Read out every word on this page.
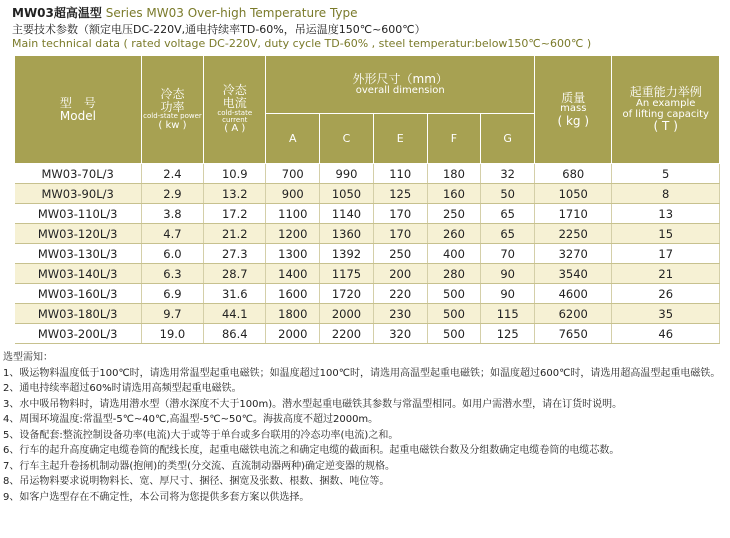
MW03超高温型 Series MW03 Over-high Temperature Type
主要技术参数（额定电压DC-220V,通电持续率TD-60%，吊运温度150℃~600℃）
Main technical data ( rated voltage DC-220V, duty cycle TD-60% , steel temperatur:below150℃~600℃ )
型　号
Model	冷态
功率
cold-state power
( kw )	冷态
电流
cold-state current
( A )	外形尺寸（mm）
overall dimension					质量
mass
( kg )	起重能力举例
An example
of lifting capacity
( T )

			A	C	E	F	G		
MW03-70L/3	2.4	10.9	700	990	110	180	32	680	5
MW03-90L/3	2.9	13.2	900	1050	125	160	50	1050	8
MW03-110L/3	3.8	17.2	1100	1140	170	250	65	1710	13
MW03-120L/3	4.7	21.2	1200	1360	170	260	65	2250	15
MW03-130L/3	6.0	27.3	1300	1392	250	400	70	3270	17
MW03-140L/3	6.3	28.7	1400	1175	200	280	90	3540	21
MW03-160L/3	6.9	31.6	1600	1720	220	500	90	4600	26
MW03-180L/3	9.7	44.1	1800	2000	230	500	115	6200	35
MW03-200L/3	19.0	86.4	2000	2200	320	500	125	7650	46
选型需知：
1、吸运物料温度低于100℃时，请选用常温型起重电磁铁；如温度超过100℃时，请选用高温型起重电磁铁；如温度超过600℃时，请选用超高温型起重电磁铁。
2、通电持续率超过60%时请选用高频型起重电磁铁。
3、水中吸吊物料时，请选用潜水型（潜水深度不大于100m)。潜水型起重电磁铁其参数与常温型相同。如用户需潜水型，请在订货时说明。
4、周围环境温度:常温型-5℃~40℃,高温型-5℃~50℃。海拔高度不超过2000m。
5、设备配套:整流控制设备功率(电流)大于或等于单台或多台联用的冷态功率(电流)之和。
6、行车的起升高度确定电缆卷筒的配线长度，起重电磁铁电流之和确定电缆的截面积。起重电磁铁台数及分组数确定电缆卷筒的电缆芯数。
7、行车主起升卷扬机制动器(抱闸)的类型(分交流、直流制动器两种)确定逆变器的规格。
8、吊运物料要求说明物料长、宽、厚尺寸、捆径、捆宽及张数、根数、捆数、吨位等。
9、如客户选型存在不确定性，本公司将为您提供多套方案以供选择。
